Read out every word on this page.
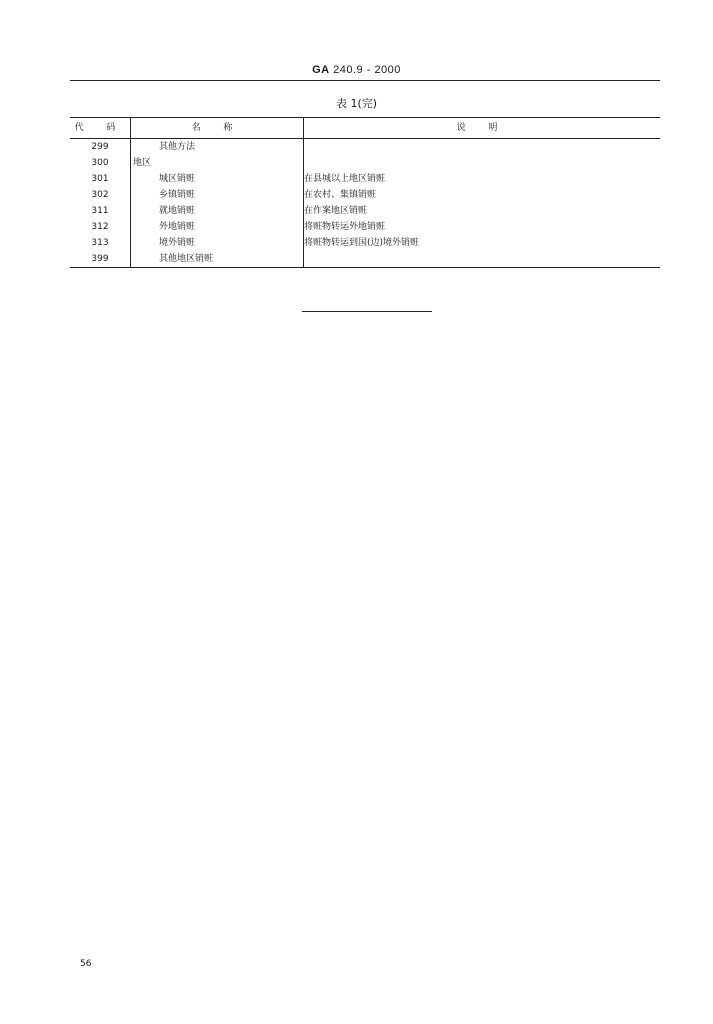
GA 240.9 - 2000
表 1(完)
代 码	名 称	说 明
299	其他方法	
300	地区	
301	城区销赃	在县城以上地区销赃
302	乡镇销赃	在农村、集镇销赃
311	就地销赃	在作案地区销赃
312	外地销赃	将赃物转运外地销赃
313	境外销赃	将赃物转运到国(边)境外销赃
399	其他地区销赃	
56
